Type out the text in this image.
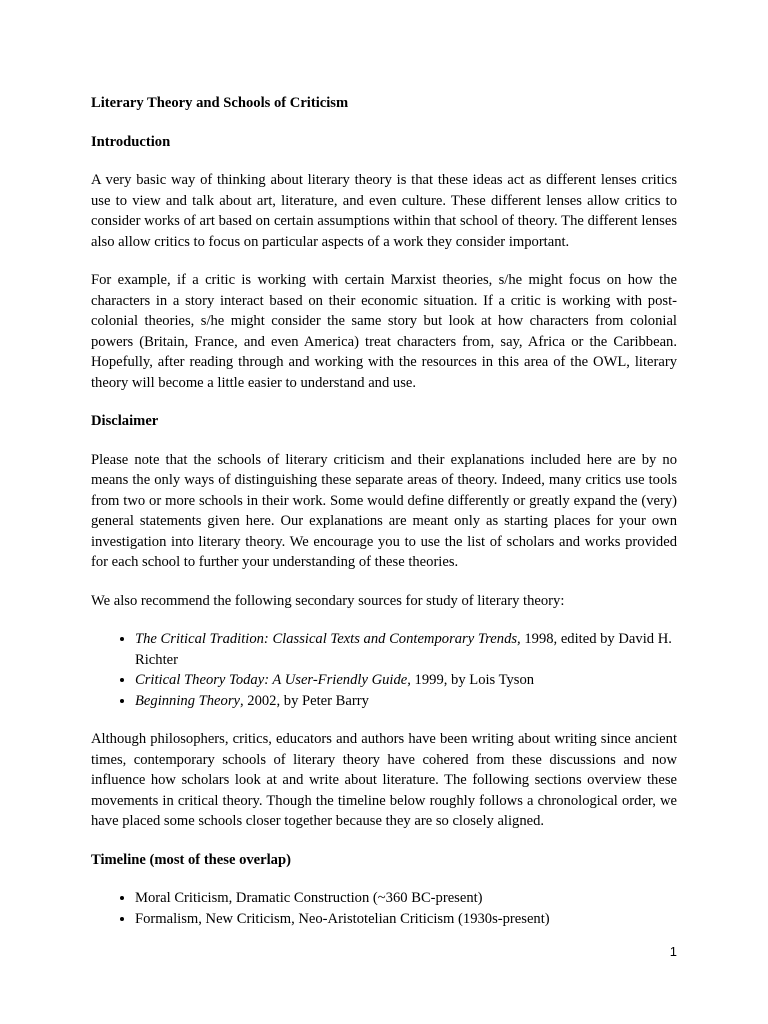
Literary Theory and Schools of Criticism
Introduction

A very basic way of thinking about literary theory is that these ideas act as different lenses critics use to view and talk about art, literature, and even culture. These different lenses allow critics to consider works of art based on certain assumptions within that school of theory. The different lenses also allow critics to focus on particular aspects of a work they consider important.

For example, if a critic is working with certain Marxist theories, s/he might focus on how the characters in a story interact based on their economic situation. If a critic is working with post-colonial theories, s/he might consider the same story but look at how characters from colonial powers (Britain, France, and even America) treat characters from, say, Africa or the Caribbean. Hopefully, after reading through and working with the resources in this area of the OWL, literary theory will become a little easier to understand and use.

Disclaimer

Please note that the schools of literary criticism and their explanations included here are by no means the only ways of distinguishing these separate areas of theory. Indeed, many critics use tools from two or more schools in their work. Some would define differently or greatly expand the (very) general statements given here. Our explanations are meant only as starting places for your own investigation into literary theory. We encourage you to use the list of scholars and works provided for each school to further your understanding of these theories.

We also recommend the following secondary sources for study of literary theory:

• The Critical Tradition: Classical Texts and Contemporary Trends, 1998, edited by David H. Richter
• Critical Theory Today: A User-Friendly Guide, 1999, by Lois Tyson
• Beginning Theory, 2002, by Peter Barry

Although philosophers, critics, educators and authors have been writing about writing since ancient times, contemporary schools of literary theory have cohered from these discussions and now influence how scholars look at and write about literature. The following sections overview these movements in critical theory. Though the timeline below roughly follows a chronological order, we have placed some schools closer together because they are so closely aligned.

Timeline (most of these overlap)
• Moral Criticism, Dramatic Construction (~360 BC-present)
• Formalism, New Criticism, Neo-Aristotelian Criticism (1930s-present)
1
